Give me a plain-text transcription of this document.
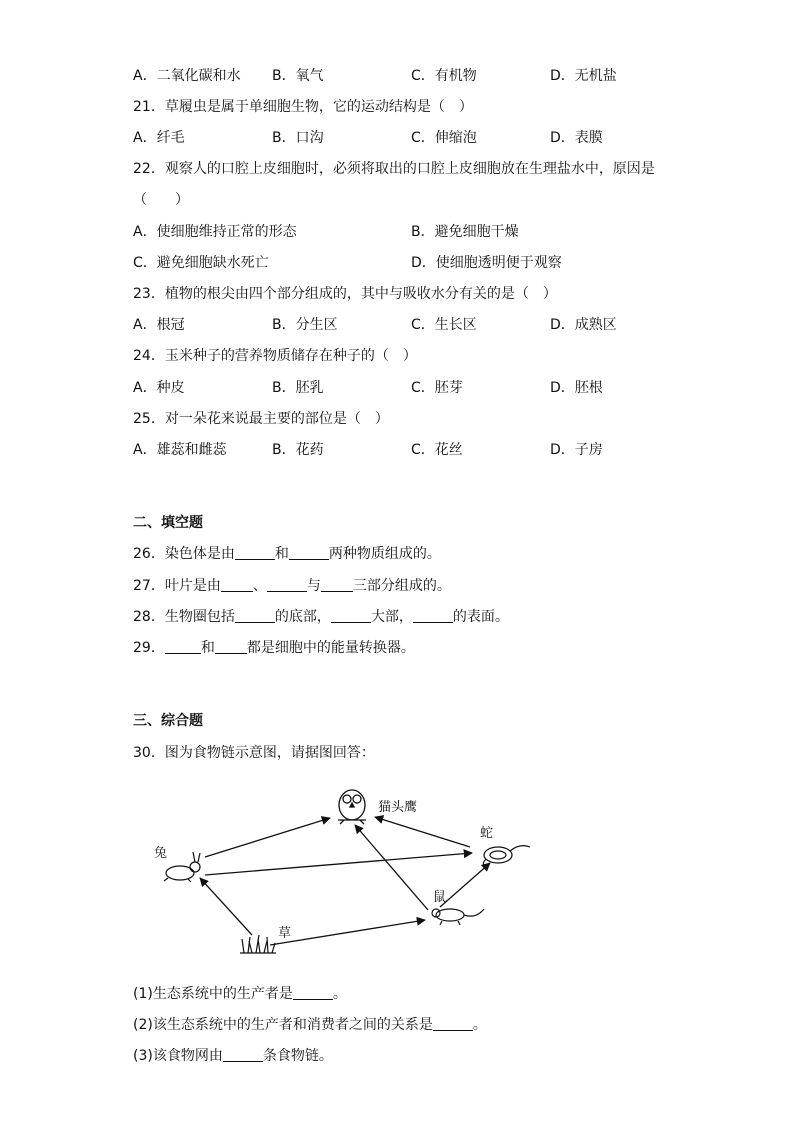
A．二氧化碳和水 B．氧气	C．有机物	D．无机盐
21．草履虫是属于单细胞生物，它的运动结构是（　）
A．纤毛	B．口沟	C．伸缩泡	D．表膜
22．观察人的口腔上皮细胞时，必须将取出的口腔上皮细胞放在生理盐水中，原因是
（　　）
A．使细胞维持正常的形态	B．避免细胞干燥
C．避免细胞缺水死亡	D．使细胞透明便于观察
23．植物的根尖由四个部分组成的，其中与吸收水分有关的是（　）
A．根冠	B．分生区	C．生长区	D．成熟区
24．玉米种子的营养物质储存在种子的（　）
A．种皮	B．胚乳	C．胚芽	D．胚根
25．对一朵花来说最主要的部位是（　）
A．雄蕊和雌蕊	B．花药	C．花丝	D．子房
二、填空题
26．染色体是由	和	两种物质组成的。
27．叶片是由 、	与 三部分组成的。
28．生物圈包括	的底部，	大部，	的表面。
29．	和 都是细胞中的能量转换器。
三、综合题
30．图为食物链示意图，请据图回答：
猫头鹰
蛇
兔
鼠
草
(1)生态系统中的生产者是	。
(2)该生态系统中的生产者和消费者之间的关系是	。
(3)该食物网由	条食物链。
